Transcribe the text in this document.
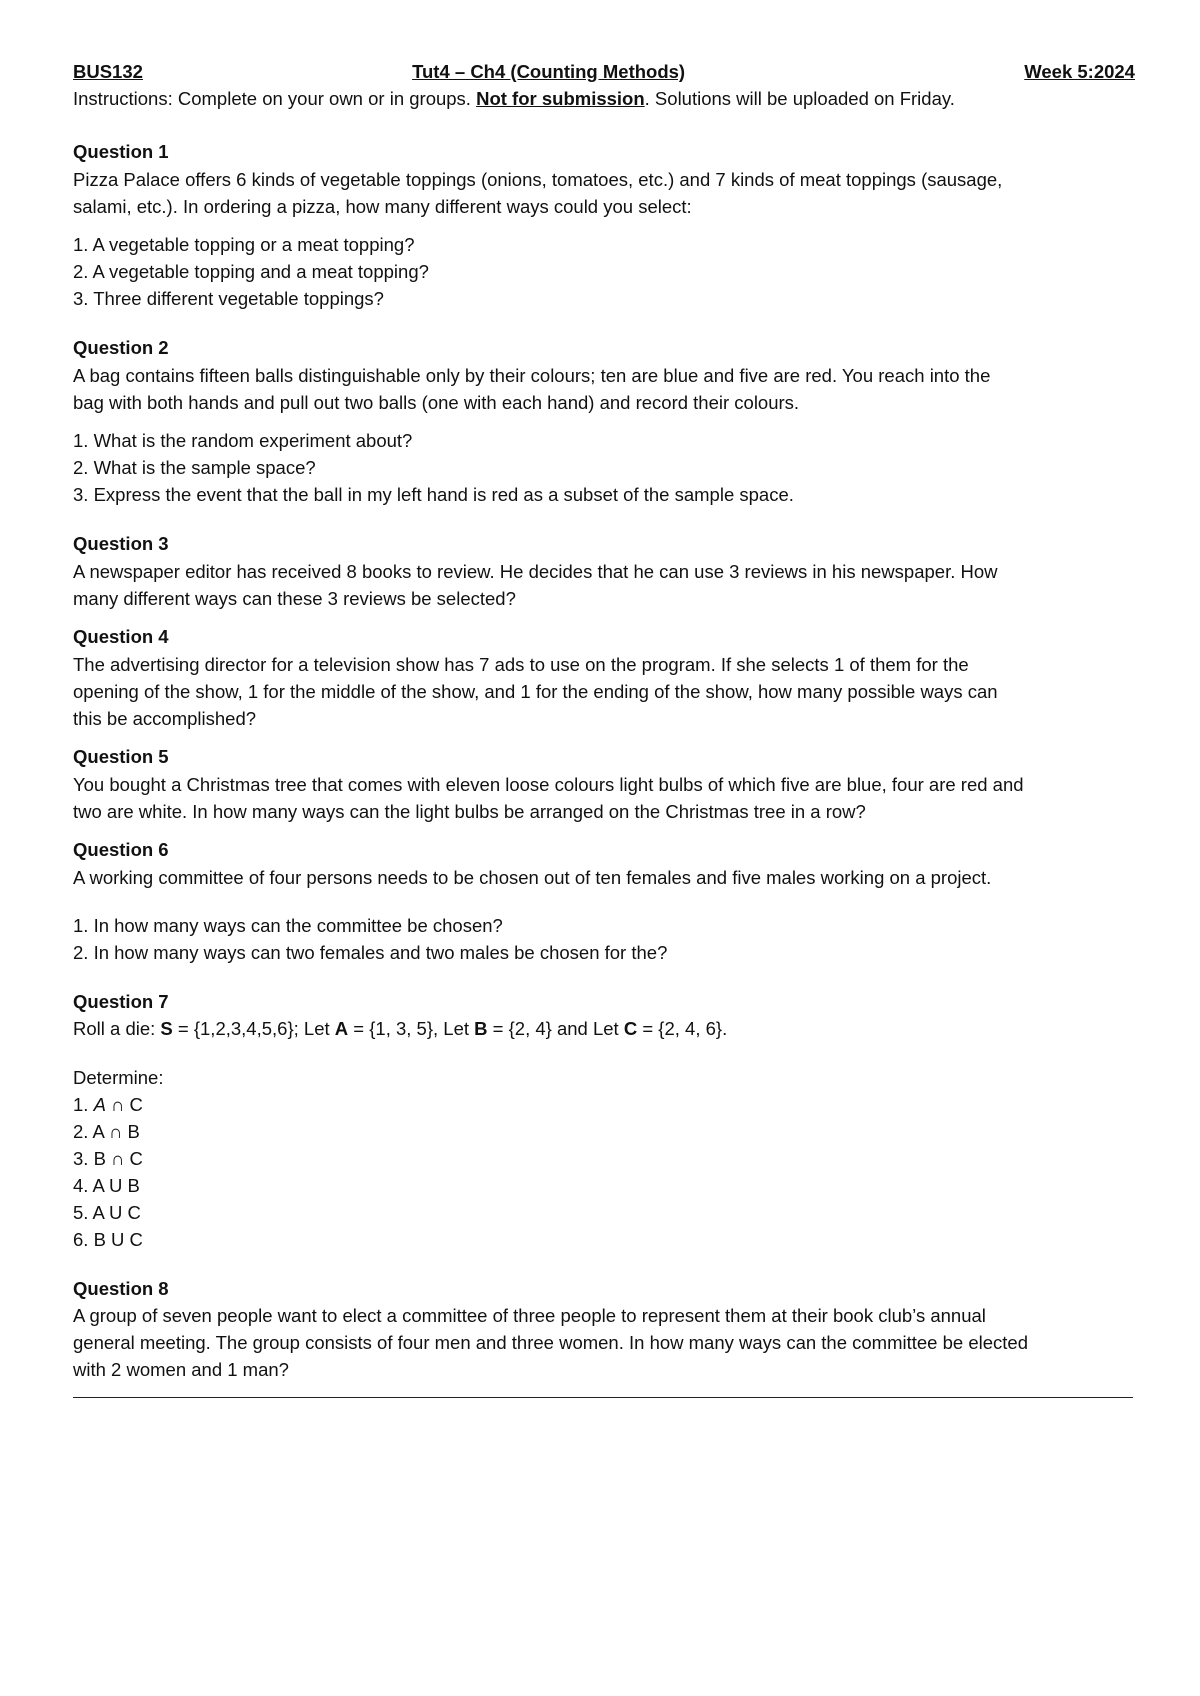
BUS132	Tut4 – Ch4 (Counting Methods)	Week 5:2024
Instructions: Complete on your own or in groups. Not for submission. Solutions will be uploaded on Friday.
Question 1
Pizza Palace offers 6 kinds of vegetable toppings (onions, tomatoes, etc.) and 7 kinds of meat toppings (sausage,
salami, etc.). In ordering a pizza, how many different ways could you select:
1. A vegetable topping or a meat topping?
2. A vegetable topping and a meat topping?
3. Three different vegetable toppings?
Question 2
A bag contains fifteen balls distinguishable only by their colours; ten are blue and five are red. You reach into the
bag with both hands and pull out two balls (one with each hand) and record their colours.
1. What is the random experiment about?
2. What is the sample space?
3. Express the event that the ball in my left hand is red as a subset of the sample space.
Question 3
A newspaper editor has received 8 books to review. He decides that he can use 3 reviews in his newspaper. How
many different ways can these 3 reviews be selected?
Question 4
The advertising director for a television show has 7 ads to use on the program. If she selects 1 of them for the
opening of the show, 1 for the middle of the show, and 1 for the ending of the show, how many possible ways can
this be accomplished?
Question 5
You bought a Christmas tree that comes with eleven loose colours light bulbs of which five are blue, four are red and
two are white. In how many ways can the light bulbs be arranged on the Christmas tree in a row?
Question 6
A working committee of four persons needs to be chosen out of ten females and five males working on a project.
1. In how many ways can the committee be chosen?
2. In how many ways can two females and two males be chosen for the?
Question 7
Roll a die: S = {1,2,3,4,5,6}; Let A = {1, 3, 5}, Let B = {2, 4} and Let C = {2, 4, 6}.
Determine:
1. A ∩ C
2. A ∩ B
3. B ∩ C
4. A U B
5. A U C
6. B U C
Question 8
A group of seven people want to elect a committee of three people to represent them at their book club’s annual
general meeting. The group consists of four men and three women. In how many ways can the committee be elected
with 2 women and 1 man?
